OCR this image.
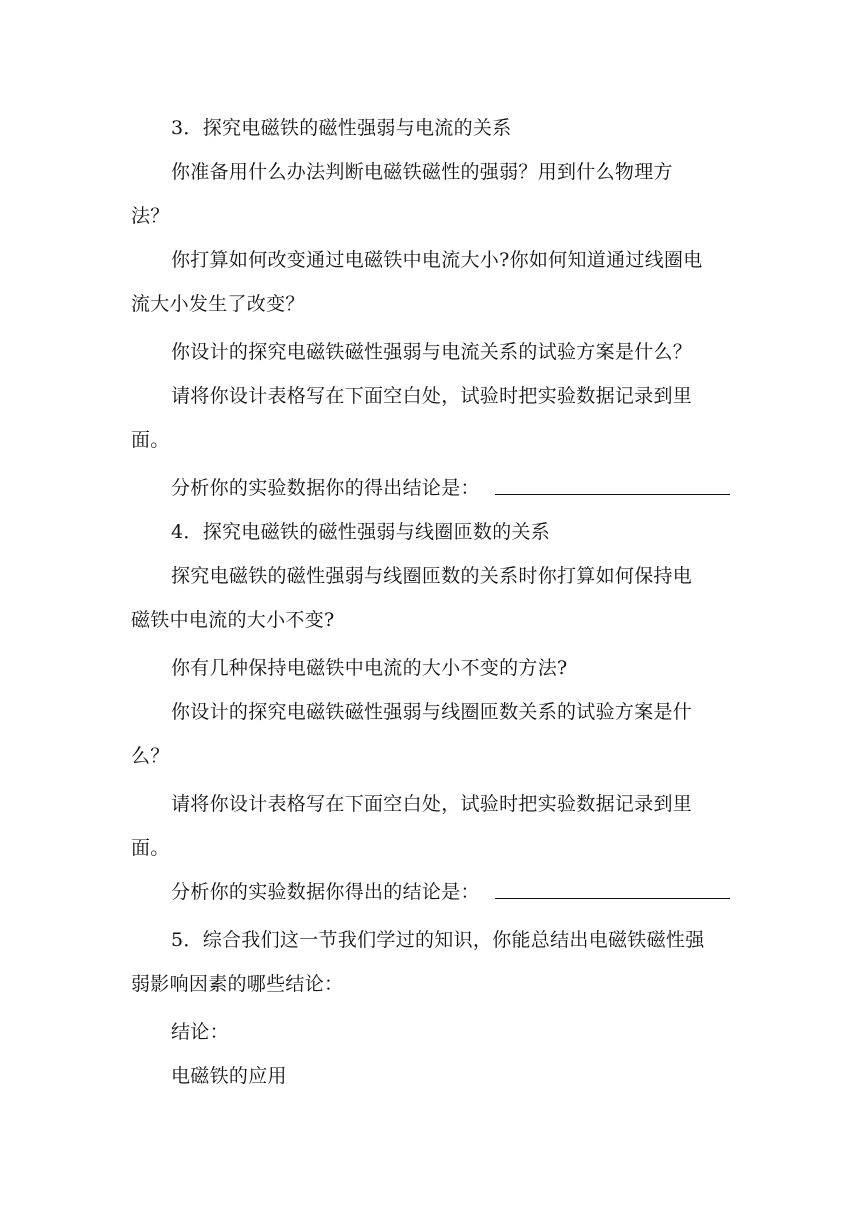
3．探究电磁铁的磁性强弱与电流的关系
你准备用什么办法判断电磁铁磁性的强弱？用到什么物理方
法？
你打算如何改变通过电磁铁中电流大小?你如何知道通过线圈电
流大小发生了改变？
你设计的探究电磁铁磁性强弱与电流关系的试验方案是什么？
请将你设计表格写在下面空白处，试验时把实验数据记录到里
面。
分析你的实验数据你的得出结论是：
4．探究电磁铁的磁性强弱与线圈匝数的关系
探究电磁铁的磁性强弱与线圈匝数的关系时你打算如何保持电
磁铁中电流的大小不变?
你有几种保持电磁铁中电流的大小不变的方法?
你设计的探究电磁铁磁性强弱与线圈匝数关系的试验方案是什
么？
请将你设计表格写在下面空白处，试验时把实验数据记录到里
面。
分析你的实验数据你得出的结论是：
5．综合我们这一节我们学过的知识，你能总结出电磁铁磁性强
弱影响因素的哪些结论：
结论：
电磁铁的应用
